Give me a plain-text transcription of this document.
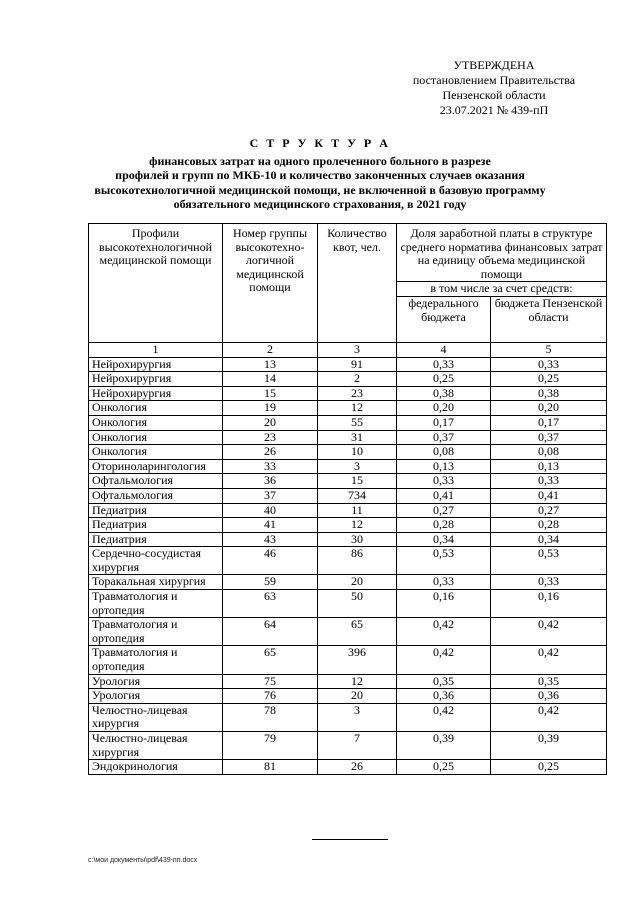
УТВЕРЖДЕНА
постановлением Правительства
Пензенской области
23.07.2021 № 439-пП
С Т Р У К Т У Р А
финансовых затрат на одного пролеченного больного в разрезе
профилей и групп по МКБ-10 и количество законченных случаев оказания
высокотехнологичной медицинской помощи, не включенной в базовую программу
обязательного медицинского страхования, в 2021 году
Профили высокотехнологичной медицинской помощи	Номер группы высокотехно-логичной медицинской помощи	Количество квот, чел.	Доля заработной платы в структуре среднего норматива финансовых затрат на единицу объема медицинской помощи	
			в том числе за счет средств:	
			федерального бюджета	бюджета Пензенской области
1	2	3	4	5
Нейрохирургия	13	91	0,33	0,33
Нейрохирургия	14	2	0,25	0,25
Нейрохирургия	15	23	0,38	0,38
Онкология	19	12	0,20	0,20
Онкология	20	55	0,17	0,17
Онкология	23	31	0,37	0,37
Онкология	26	10	0,08	0,08
Оториноларингология	33	3	0,13	0,13
Офтальмология	36	15	0,33	0,33
Офтальмология	37	734	0,41	0,41
Педиатрия	40	11	0,27	0,27
Педиатрия	41	12	0,28	0,28
Педиатрия	43	30	0,34	0,34
Сердечно-сосудистая хирургия	46	86	0,53	0,53
Торакальная хирургия	59	20	0,33	0,33
Травматология и ортопедия	63	50	0,16	0,16
Травматология и ортопедия	64	65	0,42	0,42
Травматология и ортопедия	65	396	0,42	0,42
Урология	75	12	0,35	0,35
Урология	76	20	0,36	0,36
Челюстно-лицевая хирургия	78	3	0,42	0,42
Челюстно-лицевая хирургия	79	7	0,39	0,39
Эндокринология	81	26	0,25	0,25
c:\мои документы\pdf\439-пп.docx
